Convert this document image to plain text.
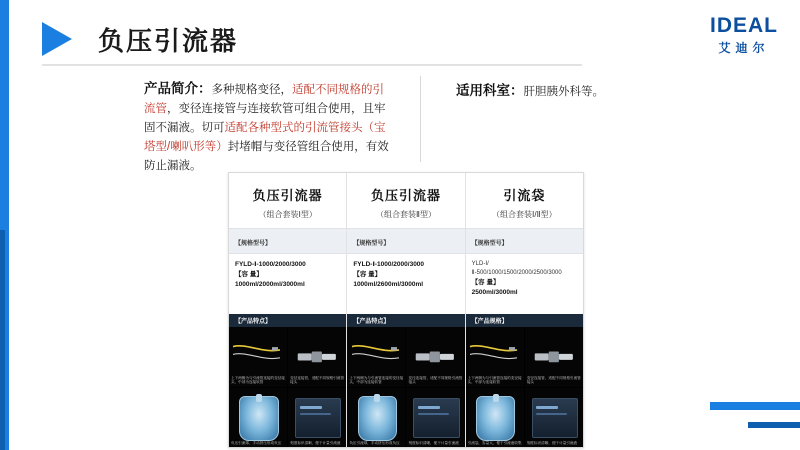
负压引流器
IDEAL
艾迪尔
产品简介：多种规格变径，适配不同规格的引流管，变径连接管与连接软管可组合使用，且牢固不漏液。切可适配各种型式的引流管接头（宝塔型/喇叭形等）封堵帽与变径管组合使用，有效防止漏液。
适用科室：肝胆胰外科等。
负压引流器
（组合套装Ⅰ型）
【规格型号】
FYLD-Ⅰ-1000/2000/3000
【容 量】
1000ml/2000ml/3000ml
【产品特点】
上下两侧为与引流管连接的变径接头，中部为连接软管
变径连接管，适配不同规格引流管接头
负压引流球，手动挤压形成负压	刻度标识清晰，便于计量引流液
负压引流器
（组合套装Ⅱ型）
【规格型号】
FYLD-Ⅰ-1000/2000/3000
【容 量】
1000ml/2600ml/3000ml
【产品特点】
上下两侧为与引流管连接的变径接头，中部为连接软管
变径连接管，适配不同规格引流管接头
负压引流球，手动挤压形成负压	刻度标识清晰，便于计量引流液
引流袋
（组合套装Ⅰ/Ⅱ型）
【规格型号】
YLD-Ⅰ/Ⅱ-500/1000/1500/2000/2500/3000
【容 量】
2500ml/3000ml
【产品规格】
上下两侧为与引流管连接的变径接头，中部为连接软管
变径连接管，适配不同规格引流管接头
引流袋，容量大，便于引流液收集 刻度标识清晰，便于计量引流液
